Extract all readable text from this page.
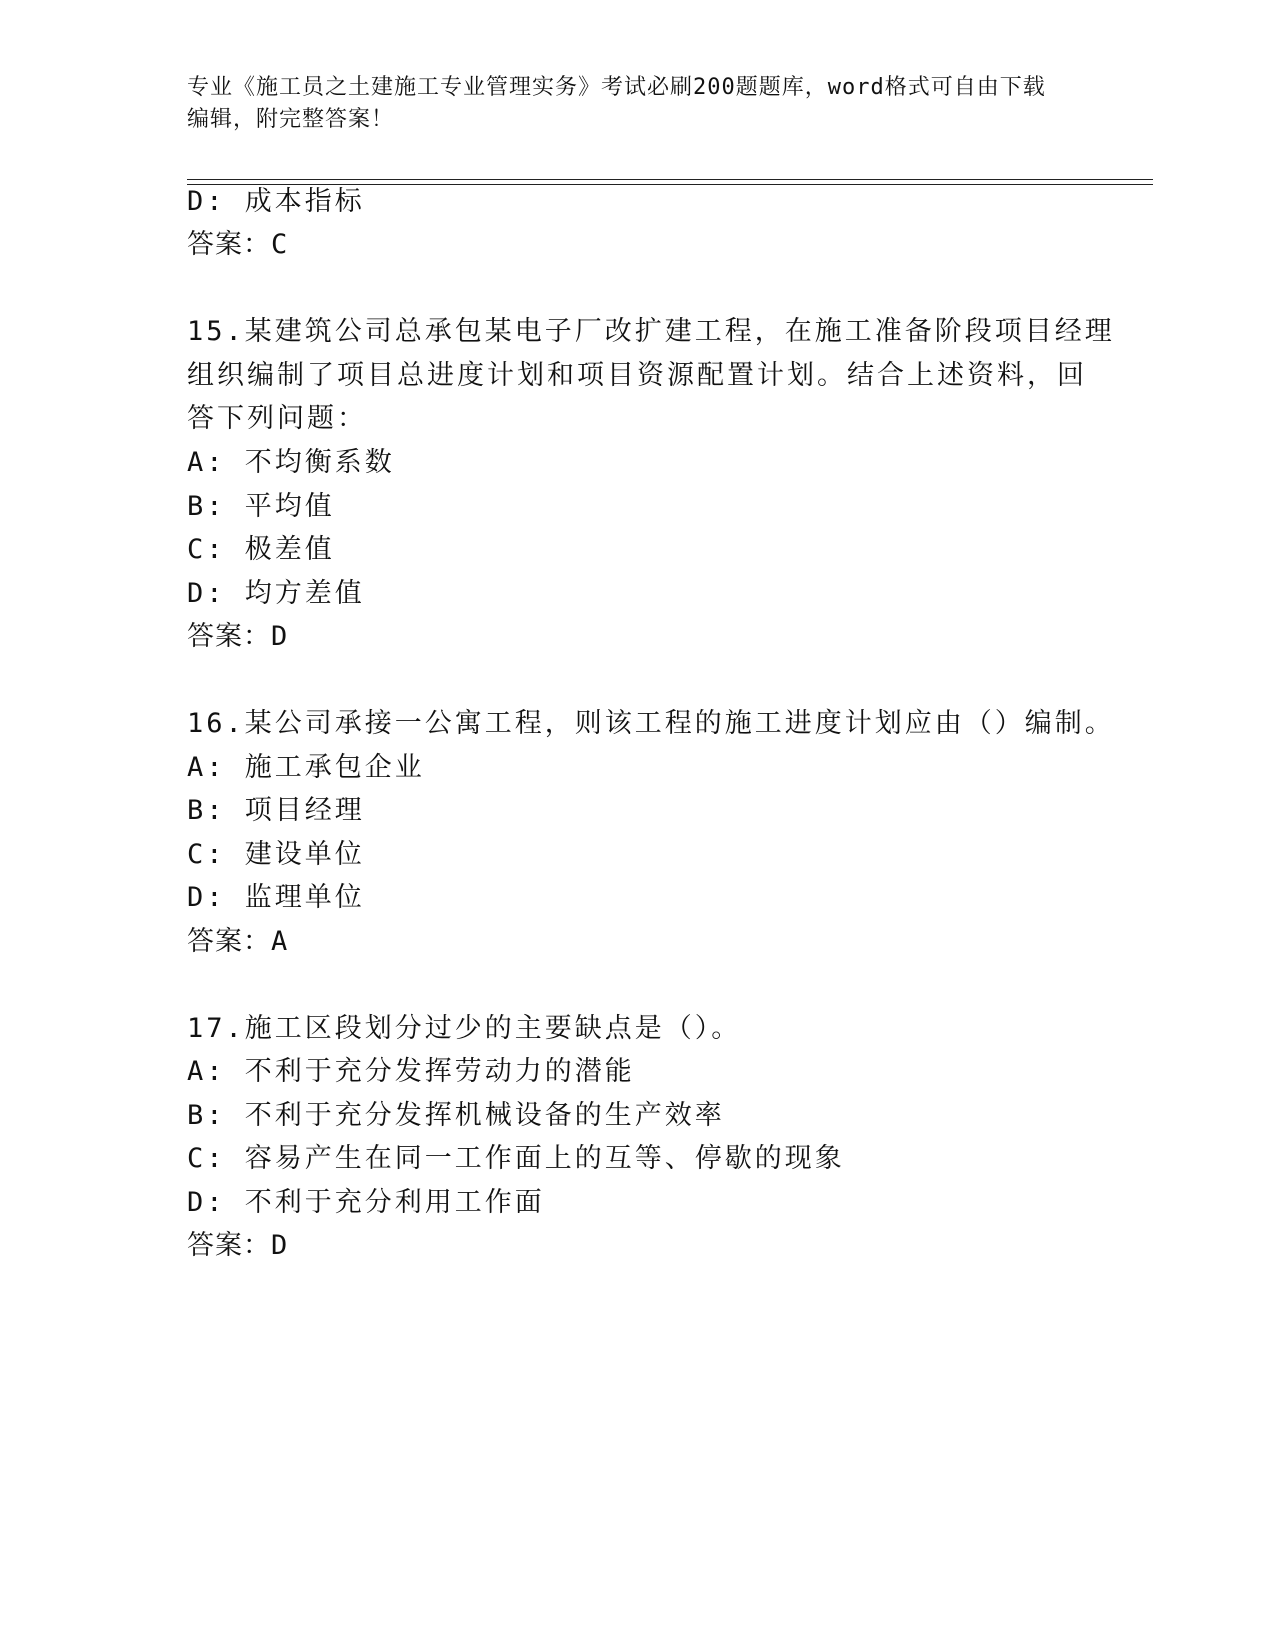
专业《施工员之土建施工专业管理实务》考试必刷200题题库，word格式可自由下载编辑，附完整答案！
D: 成本指标
答案：C
15.某建筑公司总承包某电子厂改扩建工程，在施工准备阶段项目经理
组织编制了项目总进度计划和项目资源配置计划。结合上述资料，回
答下列问题：
A: 不均衡系数
B: 平均值
C: 极差值
D: 均方差值
答案：D
16.某公司承接一公寓工程，则该工程的施工进度计划应由（）编制。
A: 施工承包企业
B: 项目经理
C: 建设单位
D: 监理单位
答案：A
17.施工区段划分过少的主要缺点是（）。
A: 不利于充分发挥劳动力的潜能
B: 不利于充分发挥机械设备的生产效率
C: 容易产生在同一工作面上的互等、停歇的现象
D: 不利于充分利用工作面
答案：D
